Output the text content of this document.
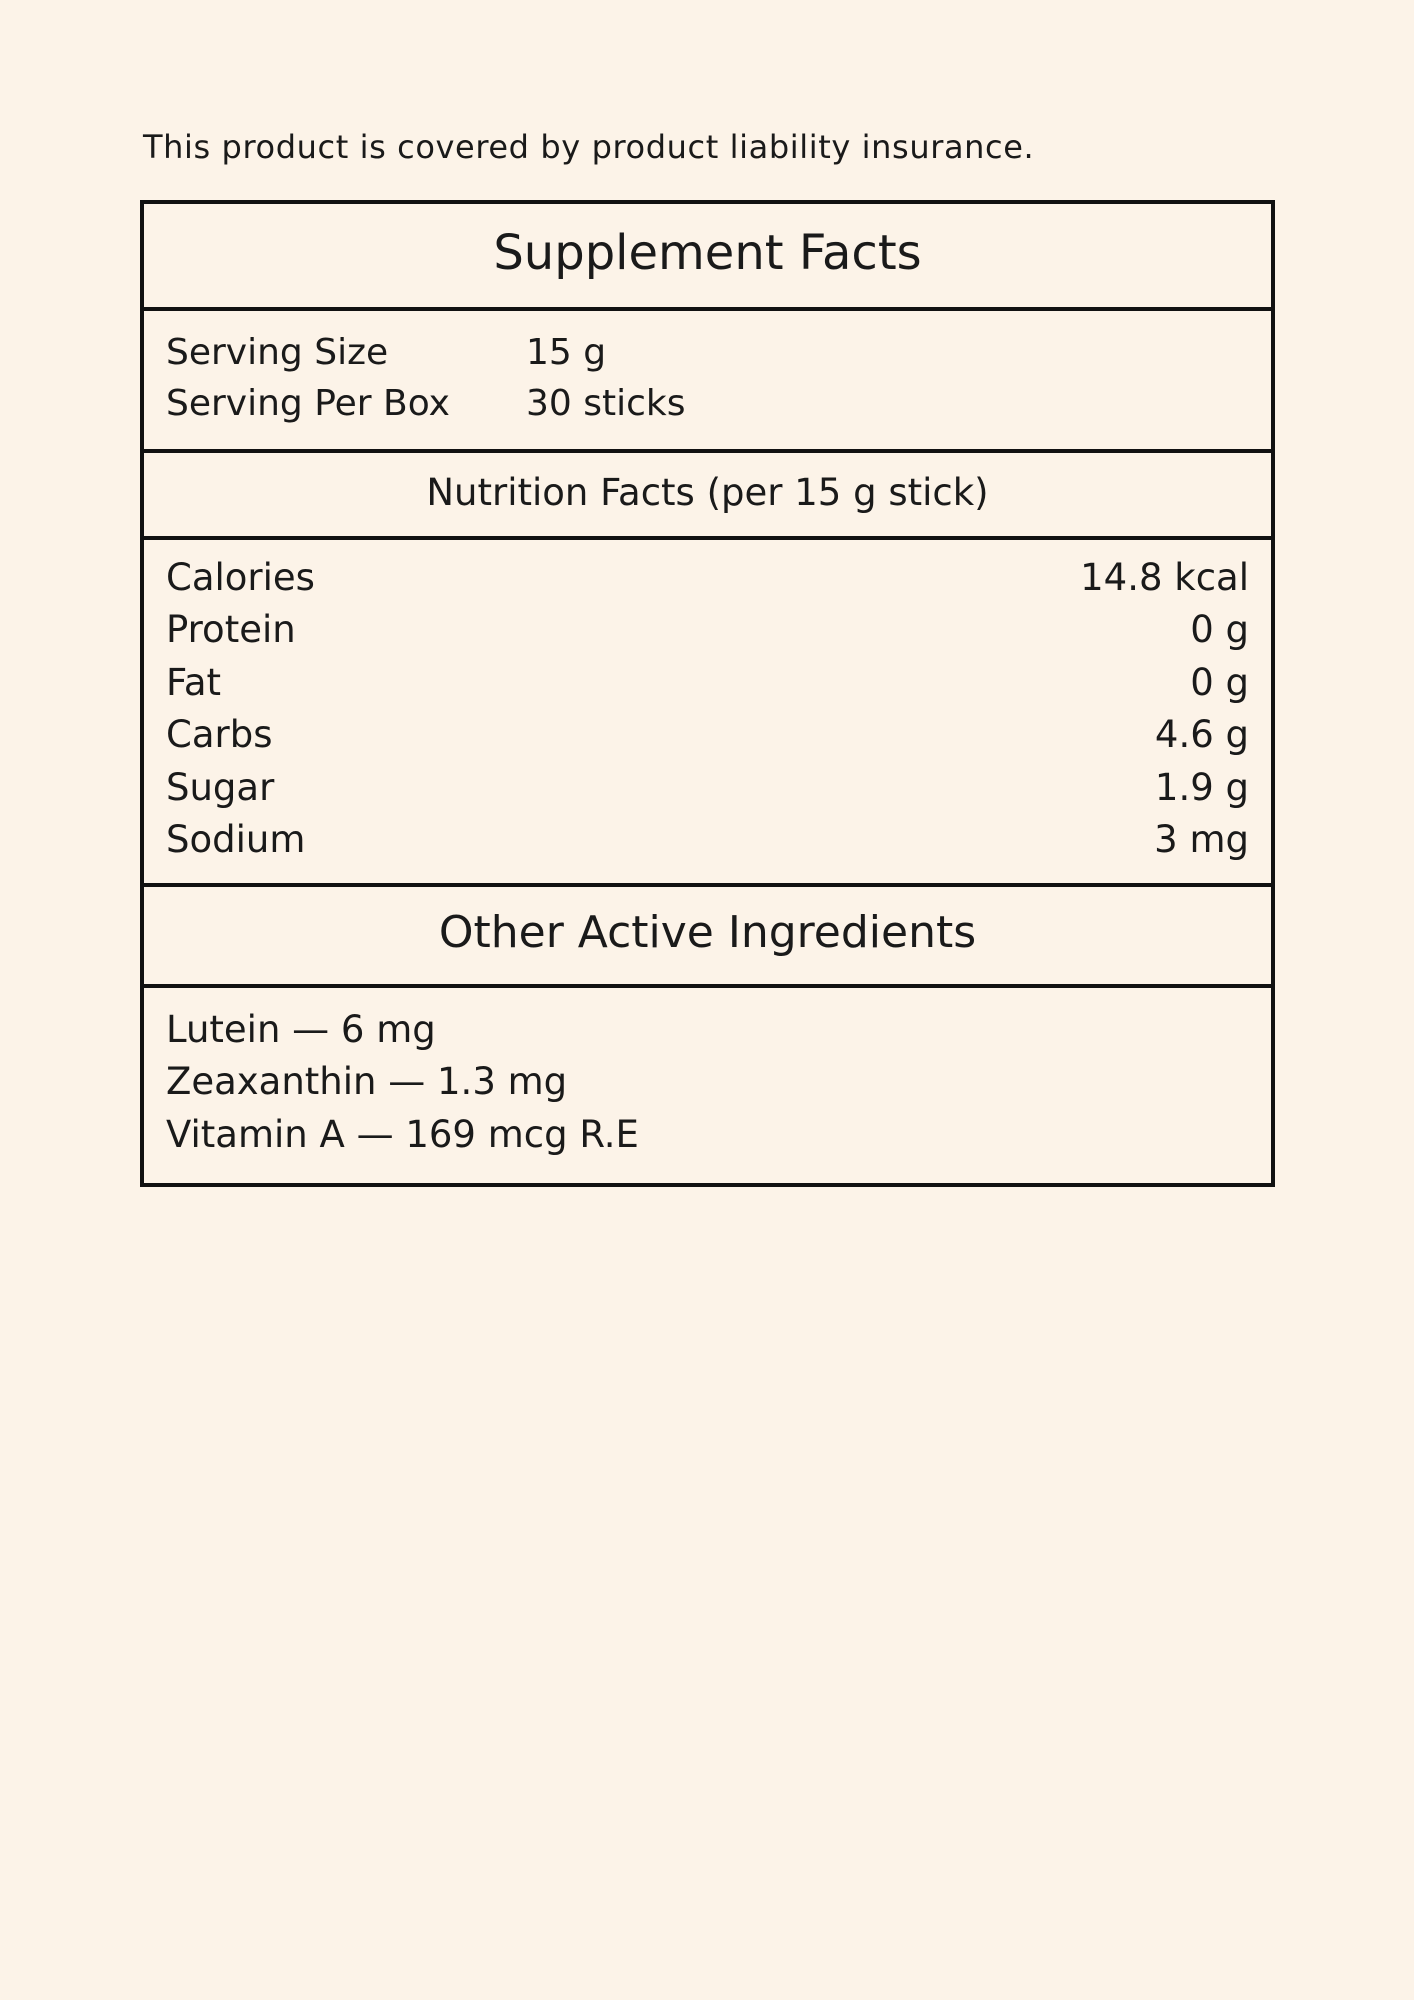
This product is covered by product liability insurance.
Supplement Facts
Serving Size	15 g
Serving Per Box	30 sticks
Nutrition Facts (per 15 g stick)
Calories	14.8 kcal
Protein	0 g
Fat	0 g
Carbs	4.6 g
Sugar	1.9 g
Sodium	3 mg
Other Active Ingredients
Lutein — 6 mg
Zeaxanthin — 1.3 mg
Vitamin A — 169 mcg R.E
